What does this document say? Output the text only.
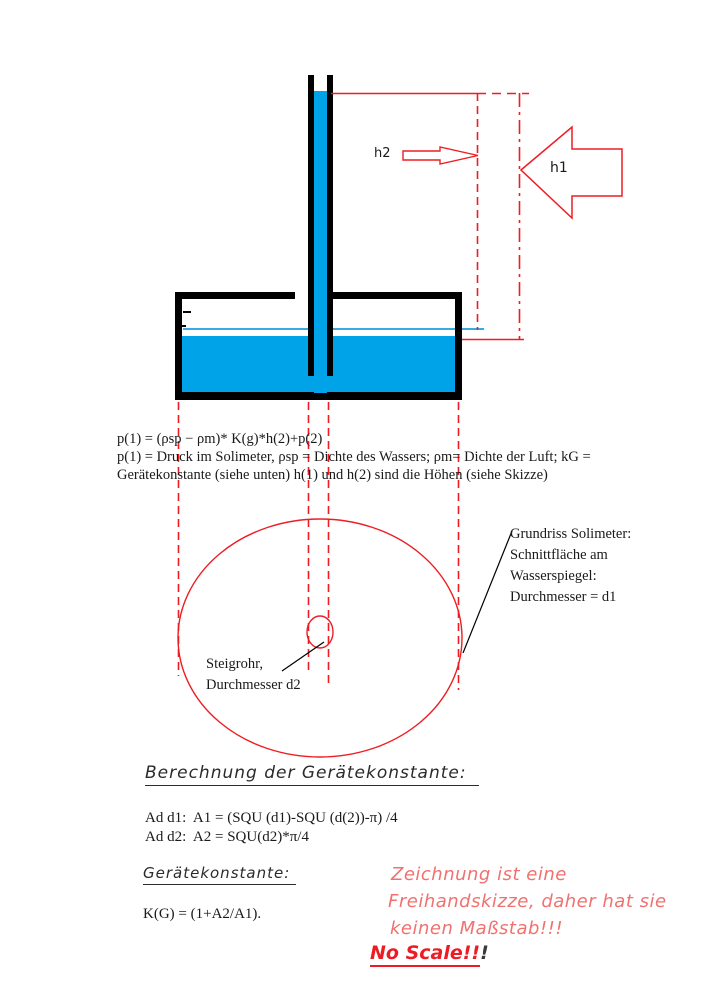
h2
h1
p(1) = (ρsp − ρm)* K(g)*h(2)+p(2)
p(1) = Druck im Solimeter, ρsp = Dichte des Wassers; ρm= Dichte der Luft; kG =
Gerätekonstante (siehe unten) h(1) und h(2) sind die Höhen (siehe Skizze)
Grundriss Solimeter:
Schnittfläche am
Wasserspiegel:
Durchmesser = d1
Steigrohr,
Durchmesser d2
Berechnung der Gerätekonstante:
Ad d1:  A1 = (SQU (d1)-SQU (d(2))-π) /4
Ad d2:  A2 = SQU(d2)*π/4
Gerätekonstante:
K(G) = (1+A2/A1).
Zeichnung ist eine
Freihandskizze, daher hat sie
keinen Maßstab!!!
No Scale!!!
